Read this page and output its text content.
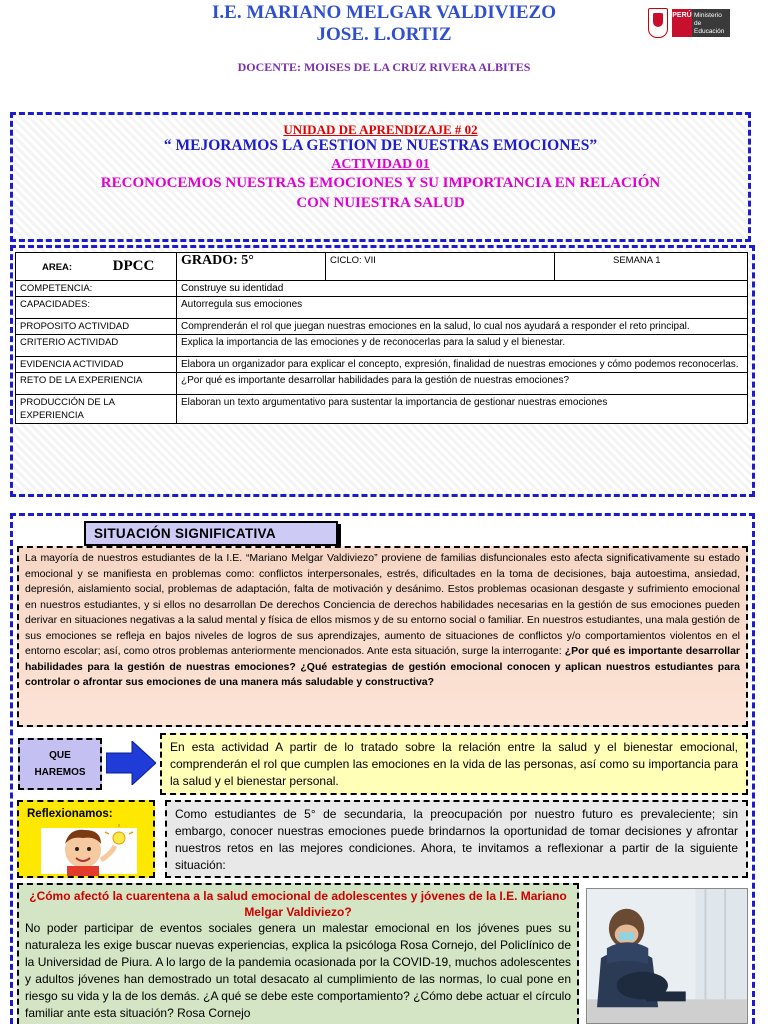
I.E. MARIANO MELGAR VALDIVIEZO
JOSE. L.ORTIZ
DOCENTE: MOISES DE LA CRUZ RIVERA ALBITES
PERÚ Ministerio de Educación
UNIDAD DE APRENDIZAJE # 02
“ MEJORAMOS LA GESTION DE NUESTRAS EMOCIONES”
ACTIVIDAD 01
RECONOCEMOS NUESTRAS EMOCIONES Y SU IMPORTANCIA EN RELACIÓN
CON NUIESTRA SALUD
AREA: DPCC	GRADO: 5°	CICLO: VII	SEMANA 1
COMPETENCIA:	Construye su identidad		
CAPACIDADES:	Autorregula sus emociones		
PROPOSITO ACTIVIDAD	Comprenderán el rol que juegan nuestras emociones en la salud, lo cual nos ayudará a responder el reto principal.		
CRITERIO ACTIVIDAD	Explica la importancia de las emociones y de reconocerlas para la salud y el bienestar.		
EVIDENCIA ACTIVIDAD	Elabora un organizador para explicar el concepto, expresión, finalidad de nuestras emociones y cómo podemos reconocerlas.		
RETO DE LA EXPERIENCIA	¿Por qué es importante desarrollar habilidades para la gestión de nuestras emociones?		
PRODUCCIÓN DE LA EXPERIENCIA	Elaboran un texto argumentativo para sustentar la importancia de gestionar nuestras emociones		
SITUACIÓN SIGNIFICATIVA
La mayoría de nuestros estudiantes de la I.E. “Mariano Melgar Valdiviezo” proviene de familias disfuncionales esto afecta significativamente su estado emocional y se manifiesta en problemas como: conflictos interpersonales, estrés, dificultades en la toma de decisiones, baja autoestima, ansiedad, depresión, aislamiento social, problemas de adaptación, falta de motivación y desánimo. Estos problemas ocasionan desgaste y sufrimiento emocional en nuestros estudiantes, y si ellos no desarrollan De derechos Conciencia de derechos habilidades necesarias en la gestión de sus emociones pueden derivar en situaciones negativas a la salud mental y física de ellos mismos y de su entorno social o familiar. En nuestros estudiantes, una mala gestión de sus emociones se refleja en bajos niveles de logros de sus aprendizajes, aumento de situaciones de conflictos y/o comportamientos violentos en el entorno escolar; así, como otros problemas anteriormente mencionados. Ante esta situación, surge la interrogante: ¿Por qué es importante desarrollar habilidades para la gestión de nuestras emociones? ¿Qué estrategias de gestión emocional conocen y aplican nuestros estudiantes para controlar o afrontar sus emociones de una manera más saludable y constructiva?
QUE
HAREMOS
En esta actividad A partir de lo tratado sobre la relación entre la salud y el bienestar emocional, comprenderán el rol que cumplen las emociones en la vida de las personas, así como su importancia para la salud y el bienestar personal.
Reflexionamos:	Como estudiantes de 5° de secundaria, la preocupación por nuestro futuro es prevaleciente; sin embargo, conocer nuestras emociones puede brindarnos la oportunidad de tomar decisiones y afrontar nuestros retos en las mejores condiciones. Ahora, te invitamos a reflexionar a partir de la siguiente situación:
¿Cómo afectó la cuarentena a la salud emocional de adolescentes y jóvenes de la I.E. Mariano Melgar Valdiviezo?
No poder participar de eventos sociales genera un malestar emocional en los jóvenes pues su naturaleza les exige buscar nuevas experiencias, explica la psicóloga Rosa Cornejo, del Policlínico de la Universidad de Piura. A lo largo de la pandemia ocasionada por la COVID-19, muchos adolescentes y adultos jóvenes han demostrado un total desacato al cumplimiento de las normas, lo cual pone en riesgo su vida y la de los demás. ¿A qué se debe este comportamiento? ¿Cómo debe actuar el círculo familiar ante esta situación? Rosa Cornejo
